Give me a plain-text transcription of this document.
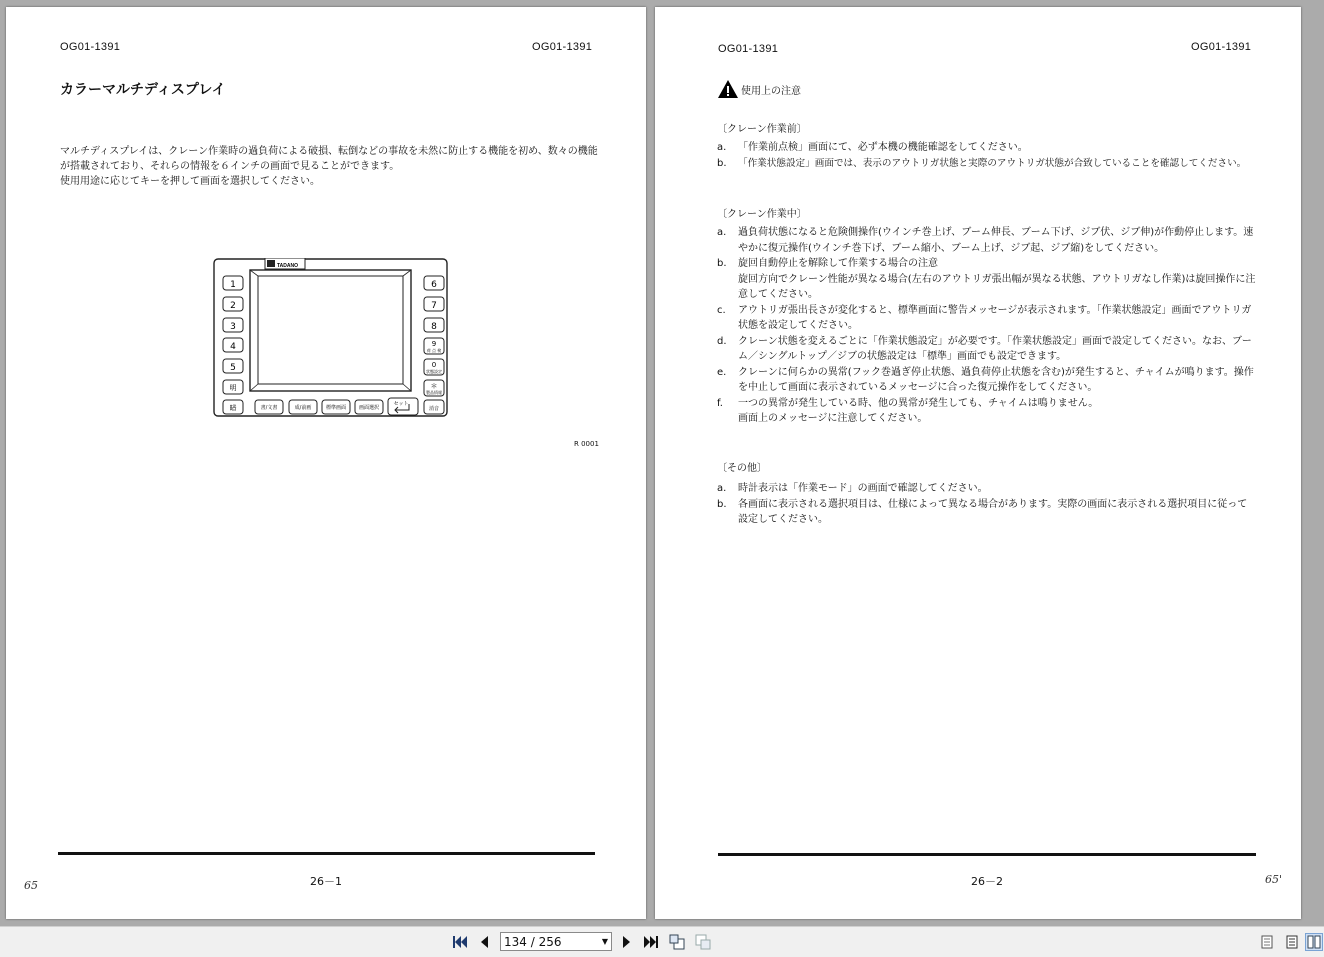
OG01-1391	OG01-1391
カラーマルチディスプレイ
マルチディスプレイは、クレーン作業時の過負荷による破損、転倒などの事故を未然に防止する機能を初め、数々の機能
が搭載されており、それらの情報を６インチの画面で見ることができます。
使用用途に応じてキーを押して画面を選択してください。
TADANO
1
2
3
4
5
明
暗
6
7
8
9
荷 点 検
0
状態設定
＊
製品情報
消音
書/文書	成/前画	標準画面	画面選択
セット
R 0001
26－1
65
OG01-1391	OG01-1391
使用上の注意
〔クレーン作業前〕
a.	「作業前点検」画面にて、必ず本機の機能確認をしてください。
b.	「作業状態設定」画面では、表示のアウトリガ状態と実際のアウトリガ状態が合致していることを確認してください。
〔クレーン作業中〕
a.	過負荷状態になると危険側操作(ウインチ巻上げ、ブーム伸長、ブーム下げ、ジブ伏、ジブ伸)が作動停止します。速やかに復元操作(ウインチ巻下げ、ブーム縮小、ブーム上げ、ジブ起、ジブ縮)をしてください。
b.	旋回自動停止を解除して作業する場合の注意
旋回方向でクレーン性能が異なる場合(左右のアウトリガ張出幅が異なる状態、アウトリガなし作業)は旋回操作に注意してください。
c.	アウトリガ張出長さが変化すると、標準画面に警告メッセージが表示されます。「作業状態設定」画面でアウトリガ状態を設定してください。
d.	クレーン状態を変えるごとに「作業状態設定」が必要です。「作業状態設定」画面で設定してください。なお、ブーム／シングルトップ／ジブの状態設定は「標準」画面でも設定できます。
e.	クレーンに何らかの異常(フック巻過ぎ停止状態、過負荷停止状態を含む)が発生すると、チャイムが鳴ります。操作を中止して画面に表示されているメッセージに合った復元操作をしてください。
f.	一つの異常が発生している時、他の異常が発生しても、チャイムは鳴りません。
画面上のメッセージに注意してください。
〔その他〕
a.	時計表示は「作業モード」の画面で確認してください。
b.	各画面に表示される選択項目は、仕様によって異なる場合があります。実際の画面に表示される選択項目に従って設定してください。
26－2	65'
134 / 256	▼
